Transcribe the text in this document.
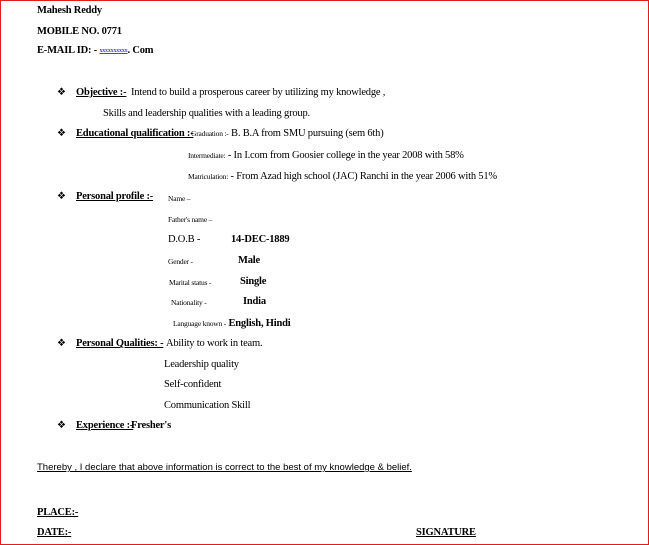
Mahesh Reddy
MOBILE NO. 0771
E-MAIL ID: - xxxxxxxxxx. Com
❖
Objective :- Intend to build a prosperous career by utilizing my knowledge ,
Skills and leadership qualities with a leading group.
❖
Educational qualification :-
Graduation :- B. B.A from SMU pursuing (sem 6th)
Intermediate: - In I.com from Goosier college in the year 2008 with 58%
Matriculation: - From Azad high school (JAC) Ranchi in the year 2006 with 51%
❖
Personal profile :- Name –
Father's name –
D.O.B -	14-DEC-1889
Gender -	Male
Marital status -	Single
Nationality -	India
Language known - English, Hindi
❖
Personal Qualities: - Ability to work in team.
Leadership quality
Self-confident
Communication Skill
❖
Experience :-
Fresher's
Thereby , I declare that above information is correct to the best of my knowledge & belief.
PLACE:-
DATE:-	SIGNATURE
